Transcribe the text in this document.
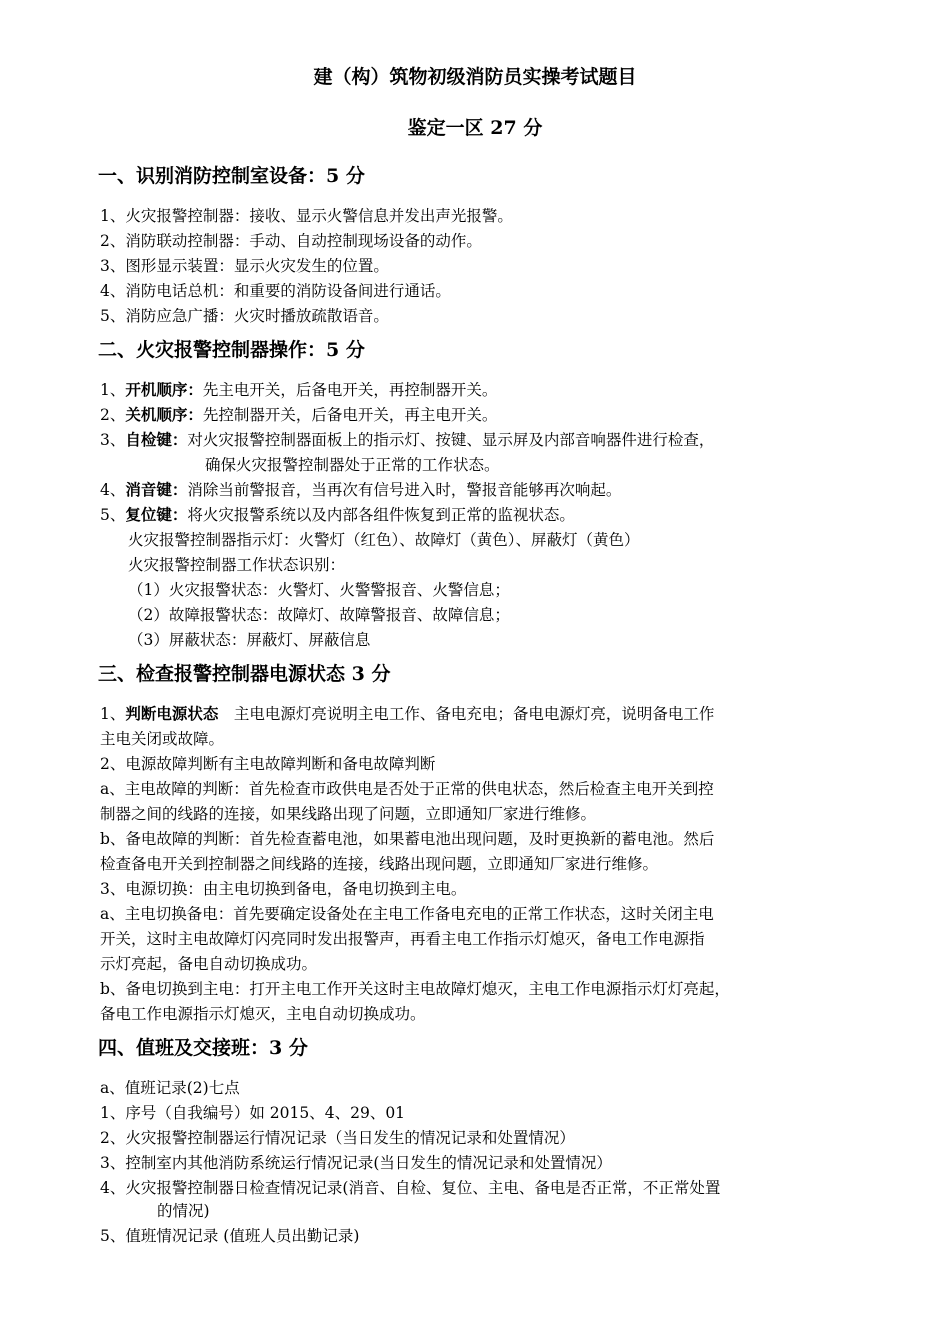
建（构）筑物初级消防员实操考试题目
鉴定一区 27 分
一、识别消防控制室设备：5 分
1、火灾报警控制器：接收、显示火警信息并发出声光报警。
2、消防联动控制器：手动、自动控制现场设备的动作。
3、图形显示装置：显示火灾发生的位置。
4、消防电话总机：和重要的消防设备间进行通话。
5、消防应急广播：火灾时播放疏散语音。
二、火灾报警控制器操作：5 分
1、开机顺序：先主电开关，后备电开关，再控制器开关。
2、关机顺序：先控制器开关，后备电开关，再主电开关。
3、自检键：对火灾报警控制器面板上的指示灯、按键、显示屏及内部音响器件进行检查，
确保火灾报警控制器处于正常的工作状态。
4、消音键：消除当前警报音，当再次有信号进入时，警报音能够再次响起。
5、复位键：将火灾报警系统以及内部各组件恢复到正常的监视状态。
火灾报警控制器指示灯：火警灯（红色）、故障灯（黄色）、屏蔽灯（黄色）
火灾报警控制器工作状态识别：
（1）火灾报警状态：火警灯、火警警报音、火警信息；
（2）故障报警状态：故障灯、故障警报音、故障信息；
（3）屏蔽状态：屏蔽灯、屏蔽信息
三、检查报警控制器电源状态 3 分
1、判断电源状态　主电电源灯亮说明主电工作、备电充电；备电电源灯亮，说明备电工作
主电关闭或故障。
2、电源故障判断有主电故障判断和备电故障判断
a、主电故障的判断：首先检查市政供电是否处于正常的供电状态，然后检查主电开关到控
制器之间的线路的连接，如果线路出现了问题，立即通知厂家进行维修。
b、备电故障的判断：首先检查蓄电池，如果蓄电池出现问题，及时更换新的蓄电池。然后
检查备电开关到控制器之间线路的连接，线路出现问题，立即通知厂家进行维修。
3、电源切换：由主电切换到备电，备电切换到主电。
a、主电切换备电：首先要确定设备处在主电工作备电充电的正常工作状态，这时关闭主电
开关，这时主电故障灯闪亮同时发出报警声，再看主电工作指示灯熄灭，备电工作电源指
示灯亮起，备电自动切换成功。
b、备电切换到主电：打开主电工作开关这时主电故障灯熄灭，主电工作电源指示灯灯亮起，
备电工作电源指示灯熄灭，主电自动切换成功。
四、值班及交接班：3 分
a、值班记录(2)七点
1、序号（自我编号）如 2015、4、29、01
2、火灾报警控制器运行情况记录（当日发生的情况记录和处置情况）
3、控制室内其他消防系统运行情况记录(当日发生的情况记录和处置情况）
4、火灾报警控制器日检查情况记录(消音、自检、复位、主电、备电是否正常，不正常处置
的情况)
5、值班情况记录 (值班人员出勤记录)
